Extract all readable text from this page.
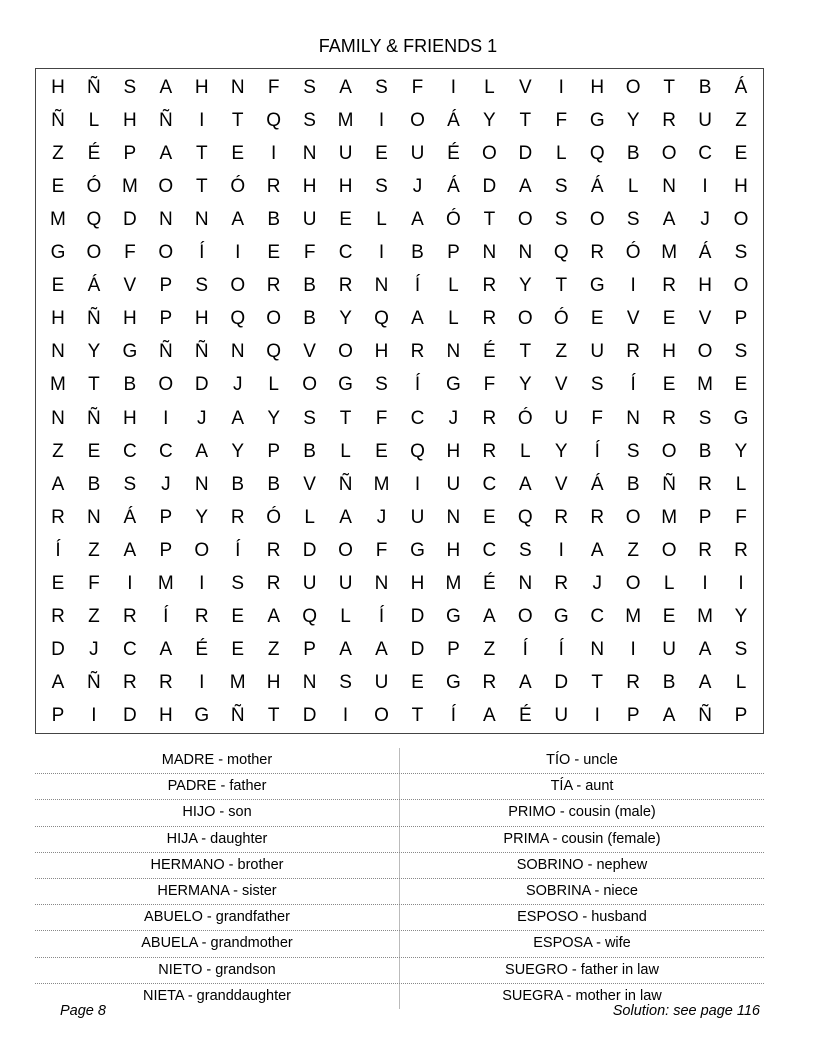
FAMILY & FRIENDS 1
H	Ñ	S	A	H	N	F	S	A	S	F	I	L	V	I	H	O	T	B	Á
Ñ	L	H	Ñ	I	T	Q	S	M	I	O	Á	Y	T	F	G	Y	R	U	Z
Z	É	P	A	T	E	I	N	U	E	U	É	O	D	L	Q	B	O	C	E
E	Ó	M	O	T	Ó	R	H	H	S	J	Á	D	A	S	Á	L	N	I	H
M	Q	D	N	N	A	B	U	E	L	A	Ó	T	O	S	O	S	A	J	O
G	O	F	O	Í	I	E	F	C	I	B	P	N	N	Q	R	Ó	M	Á	S
E	Á	V	P	S	O	R	B	R	N	Í	L	R	Y	T	G	I	R	H	O
H	Ñ	H	P	H	Q	O	B	Y	Q	A	L	R	O	Ó	E	V	E	V	P
N	Y	G	Ñ	Ñ	N	Q	V	O	H	R	N	É	T	Z	U	R	H	O	S
M	T	B	O	D	J	L	O	G	S	Í	G	F	Y	V	S	Í	E	M	E
N	Ñ	H	I	J	A	Y	S	T	F	C	J	R	Ó	U	F	N	R	S	G
Z	E	C	C	A	Y	P	B	L	E	Q	H	R	L	Y	Í	S	O	B	Y
A	B	S	J	N	B	B	V	Ñ	M	I	U	C	A	V	Á	B	Ñ	R	L
R	N	Á	P	Y	R	Ó	L	A	J	U	N	E	Q	R	R	O	M	P	F
Í	Z	A	P	O	Í	R	D	O	F	G	H	C	S	I	A	Z	O	R	R
E	F	I	M	I	S	R	U	U	N	H	M	É	N	R	J	O	L	I	I
R	Z	R	Í	R	E	A	Q	L	Í	D	G	A	O	G	C	M	E	M	Y
D	J	C	A	É	E	Z	P	A	A	D	P	Z	Í	Í	N	I	U	A	S
A	Ñ	R	R	I	M	H	N	S	U	E	G	R	A	D	T	R	B	A	L
P	I	D	H	G	Ñ	T	D	I	O	T	Í	A	É	U	I	P	A	Ñ	P
MADRE - mother	TÍO - uncle
PADRE - father	TÍA - aunt
HIJO - son	PRIMO - cousin (male)
HIJA - daughter	PRIMA - cousin (female)
HERMANO - brother	SOBRINO - nephew
HERMANA - sister	SOBRINA - niece
ABUELO - grandfather	ESPOSO - husband
ABUELA - grandmother	ESPOSA - wife
NIETO - grandson	SUEGRO - father in law
NIETA - granddaughter	SUEGRA - mother in law
Page 8	Solution: see page 116
